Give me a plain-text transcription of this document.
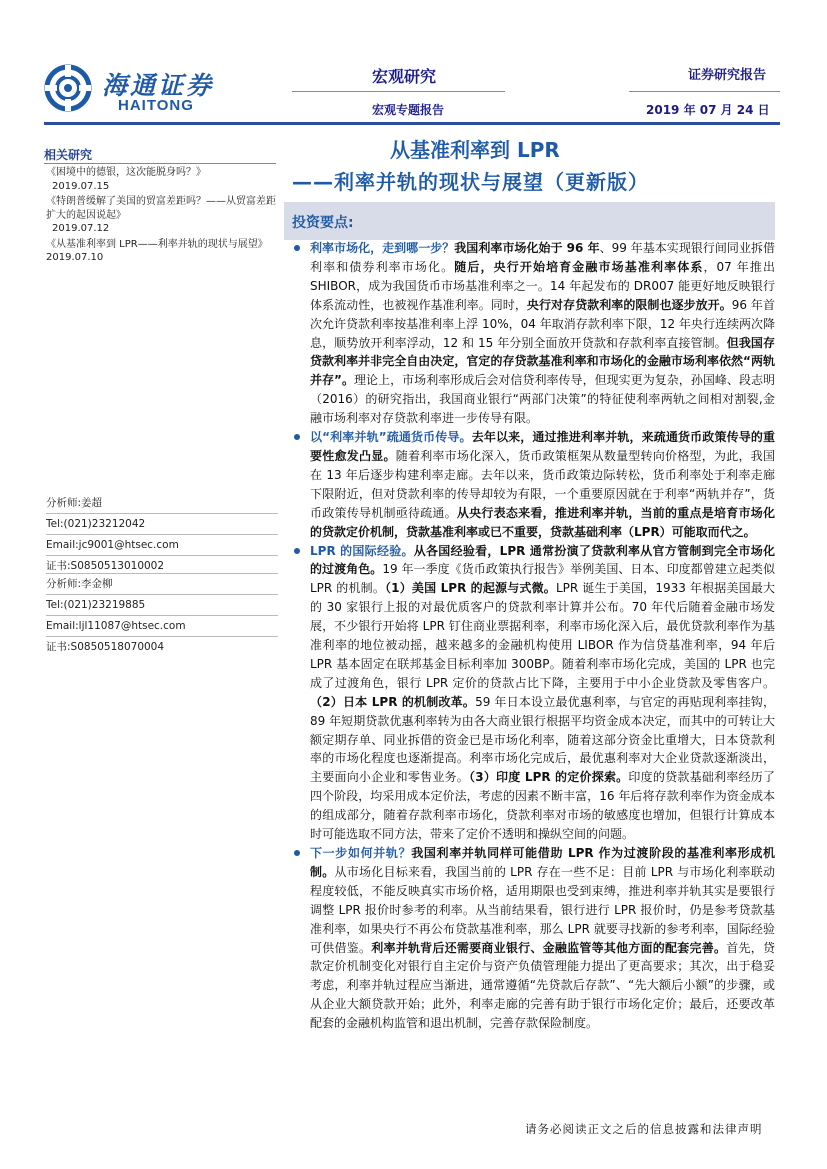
海通证券
HAITONG
宏观研究	证券研究报告
宏观专题报告	2019 年 07 月 24 日
从基准利率到 LPR
——利率并轨的现状与展望（更新版）
相关研究
《困境中的德银，这次能脱身吗？》
2019.07.15
《特朗普缓解了美国的贸富差距吗？——从贸富差距扩大的起因说起》
2019.07.12
《从基准利率到 LPR——利率并轨的现状与展望》 2019.07.10
分析师:姜超
Tel:(021)23212042
Email:jc9001@htsec.com
证书:S0850513010002
分析师:李金柳
Tel:(021)23219885
Email:ljl11087@htsec.com
证书:S0850518070004
投资要点:
利率市场化，走到哪一步？我国利率市场化始于 96 年、99 年基本实现银行间同业拆借利率和债券利率市场化。随后，央行开始培育金融市场基准利率体系，07 年推出 SHIBOR，成为我国货币市场基准利率之一。14 年起发布的 DR007 能更好地反映银行体系流动性，也被视作基准利率。同时，央行对存贷款利率的限制也逐步放开。96 年首次允许贷款利率按基准利率上浮 10%，04 年取消存款利率下限，12 年央行连续两次降息，顺势放开利率浮动，12 和 15 年分别全面放开贷款和存款利率直接管制。但我国存贷款利率并非完全自由决定，官定的存贷款基准利率和市场化的金融市场利率依然“两轨并存”。理论上，市场利率形成后会对信贷利率传导，但现实更为复杂，孙国峰、段志明（2016）的研究指出，我国商业银行“两部门决策”的特征使利率两轨之间相对割裂,金融市场利率对存贷款利率进一步传导有限。
以“利率并轨”疏通货币传导。去年以来，通过推进利率并轨，来疏通货币政策传导的重要性愈发凸显。随着利率市场化深入，货币政策框架从数量型转向价格型，为此，我国在 13 年后逐步构建利率走廊。去年以来，货币政策边际转松，货币利率处于利率走廊下限附近，但对贷款利率的传导却较为有限，一个重要原因就在于利率“两轨并存”，货币政策传导机制亟待疏通。从央行表态来看，推进利率并轨，当前的重点是培育市场化的贷款定价机制，贷款基准利率或已不重要，贷款基础利率（LPR）可能取而代之。
LPR 的国际经验。从各国经验看，LPR 通常扮演了贷款利率从官方管制到完全市场化的过渡角色。19 年一季度《货币政策执行报告》举例美国、日本、印度都曾建立起类似 LPR 的机制。（1）美国 LPR 的起源与式微。LPR 诞生于美国，1933 年根据美国最大的 30 家银行上报的对最优质客户的贷款利率计算并公布。70 年代后随着金融市场发展，不少银行开始将 LPR 钉住商业票据利率，利率市场化深入后，最优贷款利率作为基准利率的地位被动摇，越来越多的金融机构使用 LIBOR 作为信贷基准利率，94 年后 LPR 基本固定在联邦基金目标利率加 300BP。随着利率市场化完成，美国的 LPR 也完成了过渡角色，银行 LPR 定价的贷款占比下降，主要用于中小企业贷款及零售客户。（2）日本 LPR 的机制改革。59 年日本设立最优惠利率，与官定的再贴现利率挂钩，89 年短期贷款优惠利率转为由各大商业银行根据平均资金成本决定，而其中的可转让大额定期存单、同业拆借的资金已是市场化利率，随着这部分资金比重增大，日本贷款利率的市场化程度也逐渐提高。利率市场化完成后，最优惠利率对大企业贷款逐渐淡出，主要面向小企业和零售业务。（3）印度 LPR 的定价探索。印度的贷款基础利率经历了四个阶段，均采用成本定价法，考虑的因素不断丰富，16 年后将存款利率作为资金成本的组成部分，随着存款利率市场化，贷款利率对市场的敏感度也增加，但银行计算成本时可能选取不同方法，带来了定价不透明和操纵空间的问题。
下一步如何并轨？我国利率并轨同样可能借助 LPR 作为过渡阶段的基准利率形成机制。从市场化目标来看，我国当前的 LPR 存在一些不足：目前 LPR 与市场化利率联动程度较低，不能反映真实市场价格，适用期限也受到束缚，推进利率并轨其实是要银行调整 LPR 报价时参考的利率。从当前结果看，银行进行 LPR 报价时，仍是参考贷款基准利率，如果央行不再公布贷款基准利率，那么 LPR 就要寻找新的参考利率，国际经验可供借鉴。利率并轨背后还需要商业银行、金融监管等其他方面的配套完善。首先，贷款定价机制变化对银行自主定价与资产负债管理能力提出了更高要求；其次，出于稳妥考虑，利率并轨过程应当渐进，通常遵循“先贷款后存款”、“先大额后小额”的步骤，或从企业大额贷款开始；此外，利率走廊的完善有助于银行市场化定价；最后，还要改革配套的金融机构监管和退出机制，完善存款保险制度。
请务必阅读正文之后的信息披露和法律声明
